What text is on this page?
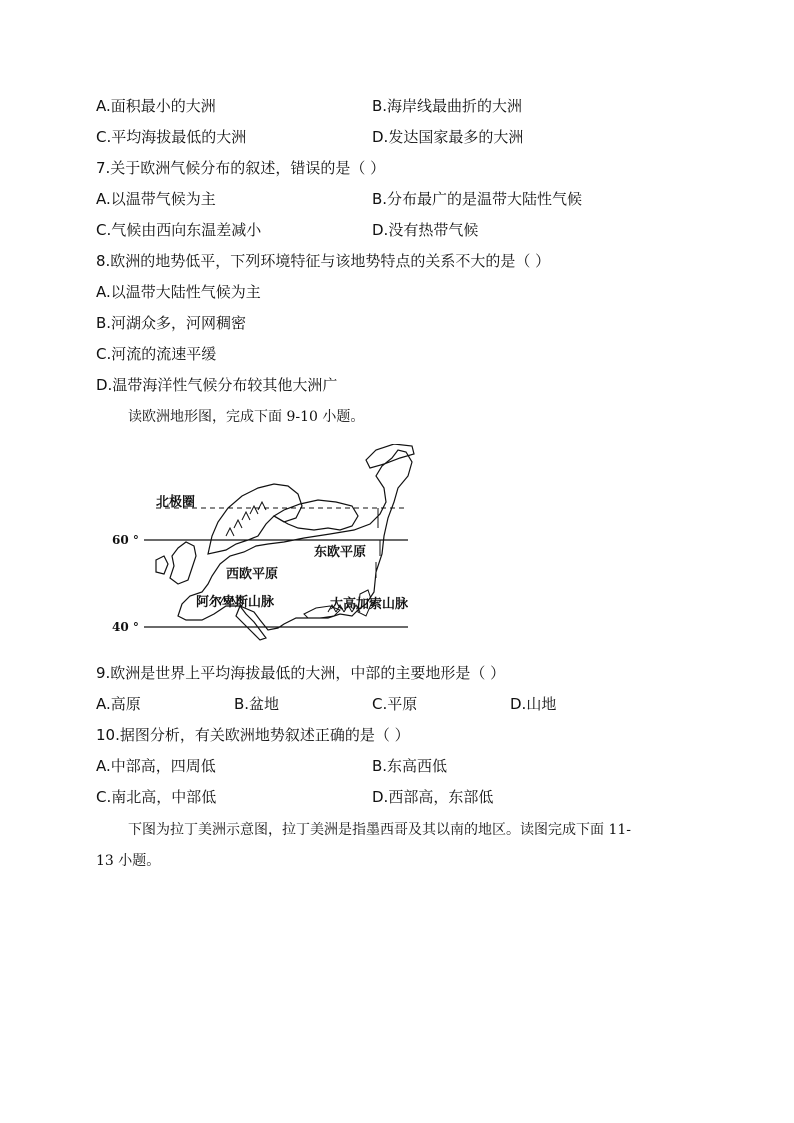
A.面积最小的大洲	B.海岸线最曲折的大洲
C.平均海拔最低的大洲	D.发达国家最多的大洲
7.关于欧洲气候分布的叙述，错误的是（ ）
A.以温带气候为主	B.分布最广的是温带大陆性气候
C.气候由西向东温差减小	D.没有热带气候
8.欧洲的地势低平，下列环境特征与该地势特点的关系不大的是（ ）
A.以温带大陆性气候为主
B.河湖众多，河网稠密
C.河流的流速平缓
D.温带海洋性气候分布较其他大洲广
读欧洲地形图，完成下面 9-10 小题。
北极圈
60 °
40 °
东欧平原
西欧平原
阿尔卑斯山脉	大高加索山脉
9.欧洲是世界上平均海拔最低的大洲，中部的主要地形是（ ）
A.高原	B.盆地	C.平原	D.山地
10.据图分析，有关欧洲地势叙述正确的是（ ）
A.中部高，四周低	B.东高西低
C.南北高，中部低	D.西部高，东部低
下图为拉丁美洲示意图，拉丁美洲是指墨西哥及其以南的地区。读图完成下面 11-
13 小题。
